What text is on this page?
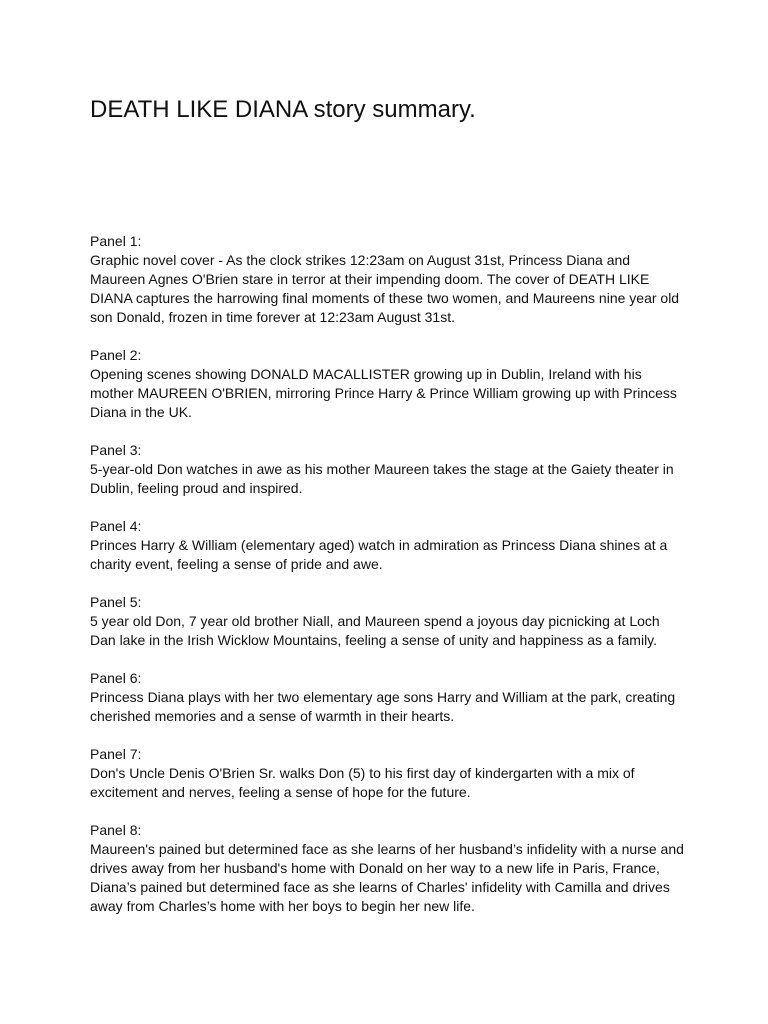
DEATH LIKE DIANA story summary.

Panel 1:

Graphic novel cover - As the clock strikes 12:23am on August 31st, Princess Diana and
Maureen Agnes O'Brien stare in terror at their impending doom. The cover of DEATH LIKE
DIANA captures the harrowing final moments of these two women, and Maureens nine year old
son Donald, frozen in time forever at 12:23am August 31st.

Panel 2:

Opening scenes showing DONALD MACALLISTER growing up in Dublin, Ireland with his
mother MAUREEN O'BRIEN, mirroring Prince Harry & Prince William growing up with Princess
Diana in the UK.

Panel 3:

5-year-old Don watches in awe as his mother Maureen takes the stage at the Gaiety theater in
Dublin, feeling proud and inspired.

Panel 4:

Princes Harry & William (elementary aged) watch in admiration as Princess Diana shines at a
charity event, feeling a sense of pride and awe.

Panel 5:

5 year old Don, 7 year old brother Niall, and Maureen spend a joyous day picnicking at Loch
Dan lake in the Irish Wicklow Mountains, feeling a sense of unity and happiness as a family.

Panel 6:

Princess Diana plays with her two elementary age sons Harry and William at the park, creating
cherished memories and a sense of warmth in their hearts.

Panel 7:

Don's Uncle Denis O'Brien Sr. walks Don (5) to his first day of kindergarten with a mix of
excitement and nerves, feeling a sense of hope for the future.

Panel 8:

Maureen's pained but determined face as she learns of her husband’s infidelity with a nurse and
drives away from her husband's home with Donald on her way to a new life in Paris, France,
Diana’s pained but determined face as she learns of Charles' infidelity with Camilla and drives
away from Charles’s home with her boys to begin her new life.
